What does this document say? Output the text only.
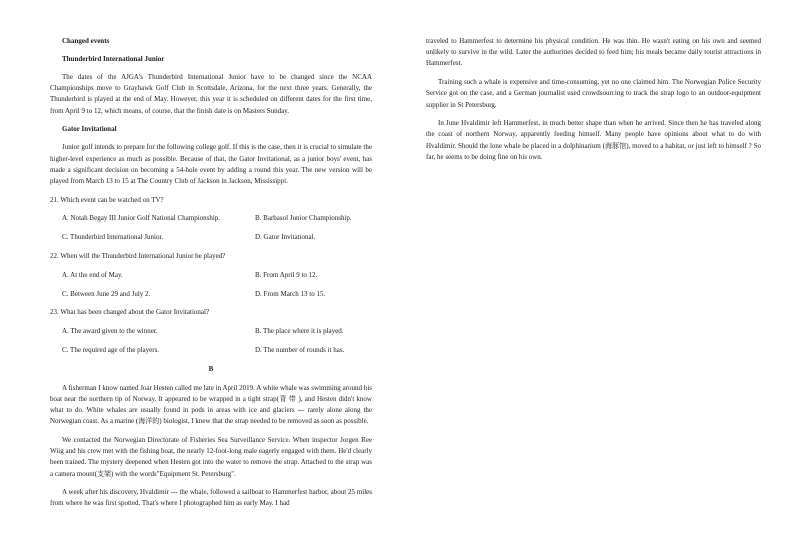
Changed events

Thunderbird International Junior

The dates of the AJGA's Thunderbird International Junior have to be changed since the NCAA Championships move to Grayhawk Golf Club in Scottsdale, Arizona, for the next three years. Generally, the Thunderbird is played at the end of May. However, this year it is scheduled on different dates for the first time, from April 9 to 12, which means, of course, that the finish date is on Masters Sunday.

Gator Invitational

Junior golf intends to prepare for the following college golf. If this is the case, then it is crucial to simulate the higher-level experience as much as possible. Because of that, the Gator Invitational, as a junior boys' event, has made a significant decision on becoming a 54-hole event by adding a round this year. The new version will be played from March 13 to 15 at The Country Club of Jackson in Jackson, Mississippi.

21. Which event can be watched on TV?

A. Notah Begay III Junior Golf National Championship.	B. Barbasol Junior Championship.
C. Thunderbird International Junior.	D. Gator Invitational.

22. When will the Thunderbird International Junior be played?

A. At the end of May.	B. From April 9 to 12.
C. Between June 29 and July 2.	D. From March 13 to 15.

23. What has been changed about the Gator Invitational?

A. The award given to the winner.	B. The place where it is played.
C. The required age of the players.	D. The number of rounds it has.

B

A fisherman I know named Joar Hesten called me late in April 2019. A white whale was swimming around his boat near the northern tip of Norway. It appeared to be wrapped in a tight strap(背 带 ), and Hesten didn't know what to do. White whales are usually found in pods in areas with ice and glaciers --- rarely alone along the Norwegian coast. As a marine (海洋的) biologist, I knew that the strap needed to be removed as soon as possible.

We contacted the Norwegian Directorate of Fisheries Sea Surveillance Service. When inspector Jorgen Ree Wiig and his crew met with the fishing boat, the nearly 12-foot-long male eagerly engaged with them. He'd clearly been trained. The mystery deepened when Hesten got into the water to remove the strap. Attached to the strap was a camera mount(支架) with the words"Equipment St. Petersburg".

A week after his discovery, Hvaldimir --- the whale, followed a sailboat to Hammerfest harbor, about 25 miles from where he was first spotted. That's where I photographed him as early May. I had

traveled to Hammerfest to determine his physical condition. He was thin. He wasn't eating on his own and seemed unlikely to survive in the wild. Later the authorities decided to feed him; his meals became daily tourist attractions in Hammerfest.

Training such a whale is expensive and time-consuming, yet no one claimed him. The Norwegian Police Security Service got on the case, and a German journalist used crowdsourcing to track the strap logo to an outdoor-equipment supplier in St Petersburg.

In June Hvaldimir left Hammerfest, in much better shape than when he arrived. Since then he has traveled along the coast of northern Norway, apparently feeding himself. Many people have opinions about what to do with Hvaldimir. Should the lone whale be placed in a dolphinarium (海豚馆), moved to a habitat, or just left to himself ? So far, he seems to be doing fine on his own.
